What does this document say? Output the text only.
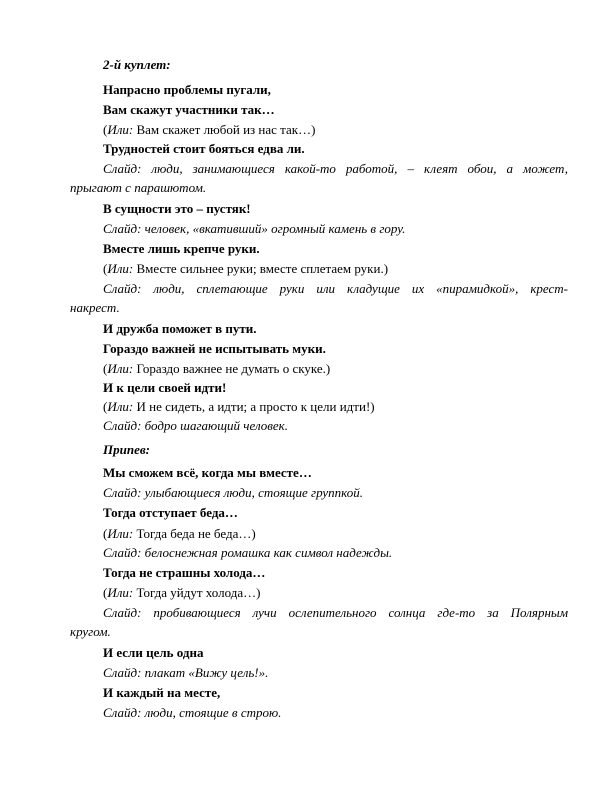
2-й куплет:
Напрасно проблемы пугали,
Вам скажут участники так…
(Или: Вам скажет любой из нас так…)
Трудностей стоит бояться едва ли.
Слайд: люди, занимающиеся какой-то работой, – клеят обои, а может,
прыгают с парашютом.
В сущности это – пустяк!
Слайд: человек, «вкативший» огромный камень в гору.
Вместе лишь крепче руки.
(Или: Вместе сильнее руки; вместе сплетаем руки.)
Слайд: люди, сплетающие руки или кладущие их «пирамидкой», крест-
накрест.
И дружба поможет в пути.
Гораздо важней не испытывать муки.
(Или: Гораздо важнее не думать о скуке.)
И к цели своей идти!
(Или: И не сидеть, а идти; а просто к цели идти!)
Слайд: бодро шагающий человек.
Припев:
Мы сможем всё, когда мы вместе…
Слайд: улыбающиеся люди, стоящие группкой.
Тогда отступает беда…
(Или: Тогда беда не беда…)
Слайд: белоснежная ромашка как символ надежды.
Тогда не страшны холода…
(Или: Тогда уйдут холода…)
Слайд: пробивающиеся лучи ослепительного солнца где-то за Полярным
кругом.
И если цель одна
Слайд: плакат «Вижу цель!».
И каждый на месте,
Слайд: люди, стоящие в строю.
